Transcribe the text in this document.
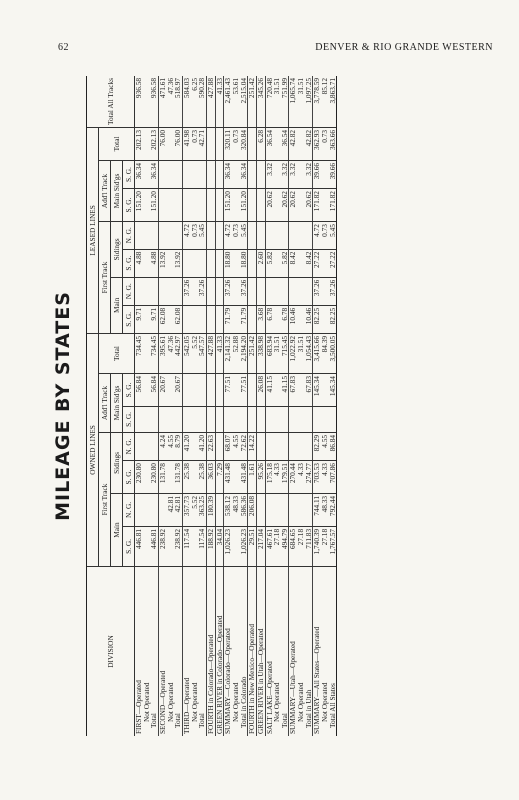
62	DENVER & RIO GRANDE WESTERN
MILEAGE BY STATES
DIVISION	OWNED LINES							LEASED LINES							Total All Tracks
	First Track				Add'l Track		Total	First Track				Add'l Track		Total	
	Main		Sidings		Main Sid'gs			Main		Sidings		Main Sid'gs			
	S. G.	N. G.	S. G.	N. G.	S. G.	S. G.		S. G.	N. G.	S. G.	N. G.	S. G.	S. G.		
FIRST—Operated	446.81		230.80			56.84	734.45	9.71		4.88		151.20	36.34	202.13	936.58
Not Operated															
Total	446.81		230.80			56.84	734.45	9.71		4.88		151.20	36.34	202.13	936.58
SECOND—Operated	238.92		131.78	4.24		20.67	395.61	62.08		13.92				76.00	471.61
Not Operated		42.81		4.55			47.36								47.36
Total	238.92	42.81	131.78	8.79		20.67	442.97	62.08		13.92				76.00	518.97
THIRD—Operated	117.54	357.73	25.38	41.20			542.05		37.26		4.72			41.98	584.03
Not Operated		5.52					5.52				0.73			0.73	6.25
Total	117.54	363.25	25.38	41.20			547.57		37.26		5.45			42.71	590.28
FOURTH in Colorado—Operated	188.92	180.39	36.03	22.63			427.88								427.88
GREEN RIVER in Colorado—Operated	34.04		7.29				41.33								41.33
SUMMARY—Colorado—Operated	1,026.23	538.12	431.48	68.07		77.51	2,141.32	71.79	37.26	18.80	4.72	151.20	36.34	320.11	2,461.43
Not Operated		48.33		4.55			52.88				0.73			0.73	53.61
Total in Colorado	1,026.23	586.36	431.48	72.62		77.51	2,194.20	71.79	37.26	18.80	5.45	151.20	36.34	320.84	2,515.04
FOURTH in New Mexico—Operated	29.51	206.08	1.61	14.22			251.42								251.42
GREEN RIVER in Utah—Operated	217.04		95.26			26.08	338.98	3.68		2.60				6.28	345.26
SALT LAKE—Operated	467.61		175.18			41.15	683.94	6.78		5.82		20.62	3.32	36.54	720.48
Not Operated	27.18		4.33				31.51								31.51
Total	494.79		179.51			41.15	715.45	6.78		5.82		20.62	3.32	36.54	751.99
SUMMARY—Utah—Operated	684.65		270.44			67.83	1,022.92	10.46		8.42		20.62	3.32	42.82	1,065.74
Not Operated	27.18		4.33				31.51								31.51
Total in Utah	711.83		274.77			67.83	1,054.43	10.46		8.42		20.62	3.32	42.82	1,097.25
SUMMARY—All States—Operated	1,740.39	744.11	703.53	82.29		145.34	3,415.66	82.25	37.26	27.22	4.72	171.82	39.66	362.93	3,778.59
Not Operated	27.18	48.33	4.33	4.55			84.39				0.73			0.73	85.12
Total All States	1,767.57	792.44	707.86	86.84		145.34	3,500.05	82.25	37.26	27.22	5.45	171.82	39.66	363.66	3,863.71
